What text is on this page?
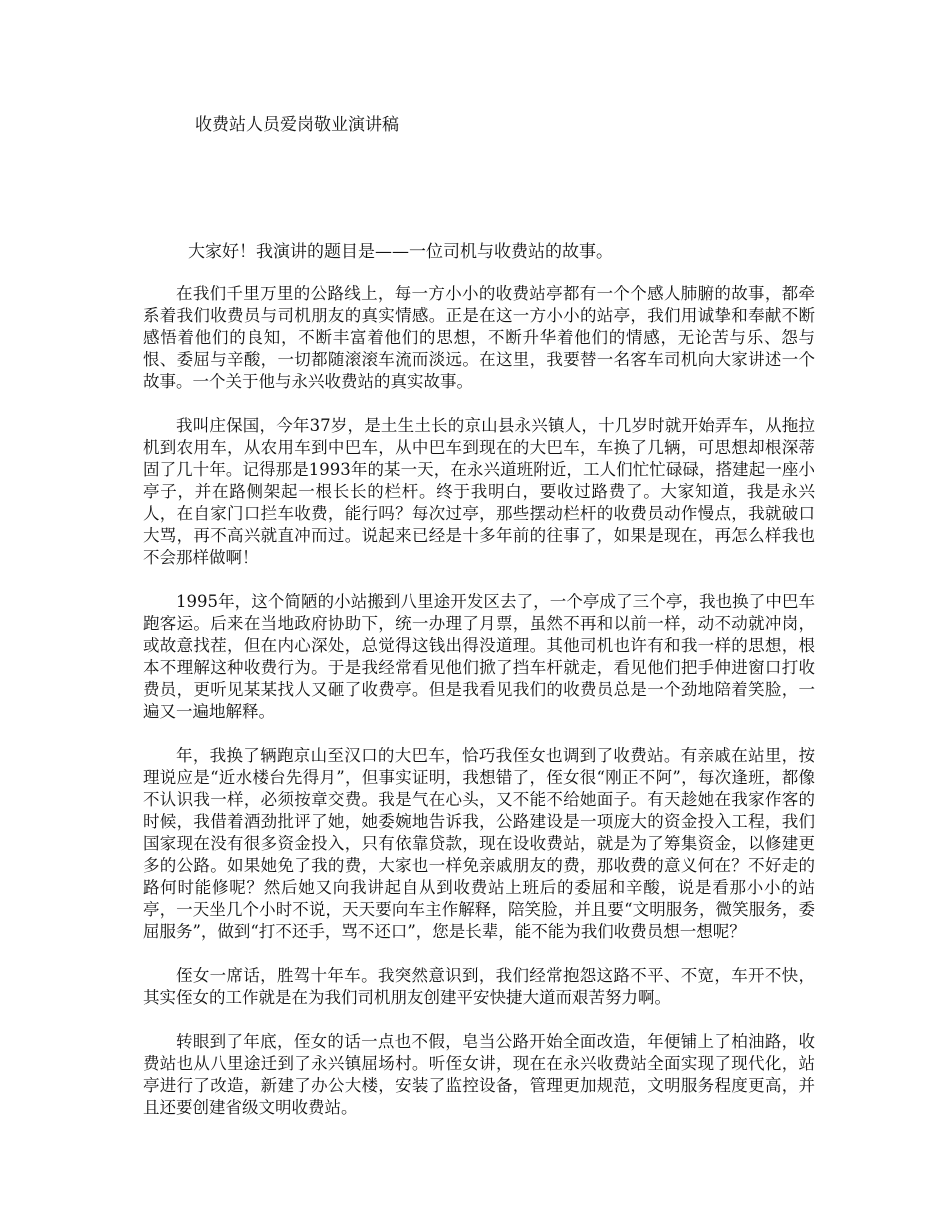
收费站人员爱岗敬业演讲稿
大家好！我演讲的题目是——一位司机与收费站的故事。

在我们千里万里的公路线上，每一方小小的收费站亭都有一个个感人肺腑的故事，都牵系着我们收费员与司机朋友的真实情感。正是在这一方小小的站亭，我们用诚挚和奉献不断感悟着他们的良知，不断丰富着他们的思想，不断升华着他们的情感，无论苦与乐、怨与恨、委屈与辛酸，一切都随滚滚车流而淡远。在这里，我要替一名客车司机向大家讲述一个故事。一个关于他与永兴收费站的真实故事。

我叫庄保国，今年37岁，是土生土长的京山县永兴镇人，十几岁时就开始弄车，从拖拉机到农用车，从农用车到中巴车，从中巴车到现在的大巴车，车换了几辆，可思想却根深蒂固了几十年。记得那是1993年的某一天，在永兴道班附近，工人们忙忙碌碌，搭建起一座小亭子，并在路侧架起一根长长的栏杆。终于我明白，要收过路费了。大家知道，我是永兴人，在自家门口拦车收费，能行吗？每次过亭，那些摆动栏杆的收费员动作慢点，我就破口大骂，再不高兴就直冲而过。说起来已经是十多年前的往事了，如果是现在，再怎么样我也不会那样做啊！

1995年，这个简陋的小站搬到八里途开发区去了，一个亭成了三个亭，我也换了中巴车跑客运。后来在当地政府协助下，统一办理了月票，虽然不再和以前一样，动不动就冲岗，或故意找茬，但在内心深处，总觉得这钱出得没道理。其他司机也许有和我一样的思想，根本不理解这种收费行为。于是我经常看见他们掀了挡车杆就走，看见他们把手伸进窗口打收费员，更听见某某找人又砸了收费亭。但是我看见我们的收费员总是一个劲地陪着笑脸，一遍又一遍地解释。

年，我换了辆跑京山至汉口的大巴车，恰巧我侄女也调到了收费站。有亲戚在站里，按理说应是“近水楼台先得月”，但事实证明，我想错了，侄女很“刚正不阿”，每次逢班，都像不认识我一样，必须按章交费。我是气在心头，又不能不给她面子。有天趁她在我家作客的时候，我借着酒劲批评了她，她委婉地告诉我，公路建设是一项庞大的资金投入工程，我们国家现在没有很多资金投入，只有依靠贷款，现在设收费站，就是为了筹集资金，以修建更多的公路。如果她免了我的费，大家也一样免亲戚朋友的费，那收费的意义何在？不好走的路何时能修呢？然后她又向我讲起自从到收费站上班后的委屈和辛酸，说是看那小小的站亭，一天坐几个小时不说，天天要向车主作解释，陪笑脸，并且要“文明服务，微笑服务，委屈服务”，做到“打不还手，骂不还口”，您是长辈，能不能为我们收费员想一想呢？

侄女一席话，胜驾十年车。我突然意识到，我们经常抱怨这路不平、不宽，车开不快，其实侄女的工作就是在为我们司机朋友创建平安快捷大道而艰苦努力啊。

转眼到了年底，侄女的话一点也不假，皂当公路开始全面改造，年便铺上了柏油路，收费站也从八里途迁到了永兴镇屈场村。听侄女讲，现在在永兴收费站全面实现了现代化，站亭进行了改造，新建了办公大楼，安装了监控设备，管理更加规范，文明服务程度更高，并且还要创建省级文明收费站。
